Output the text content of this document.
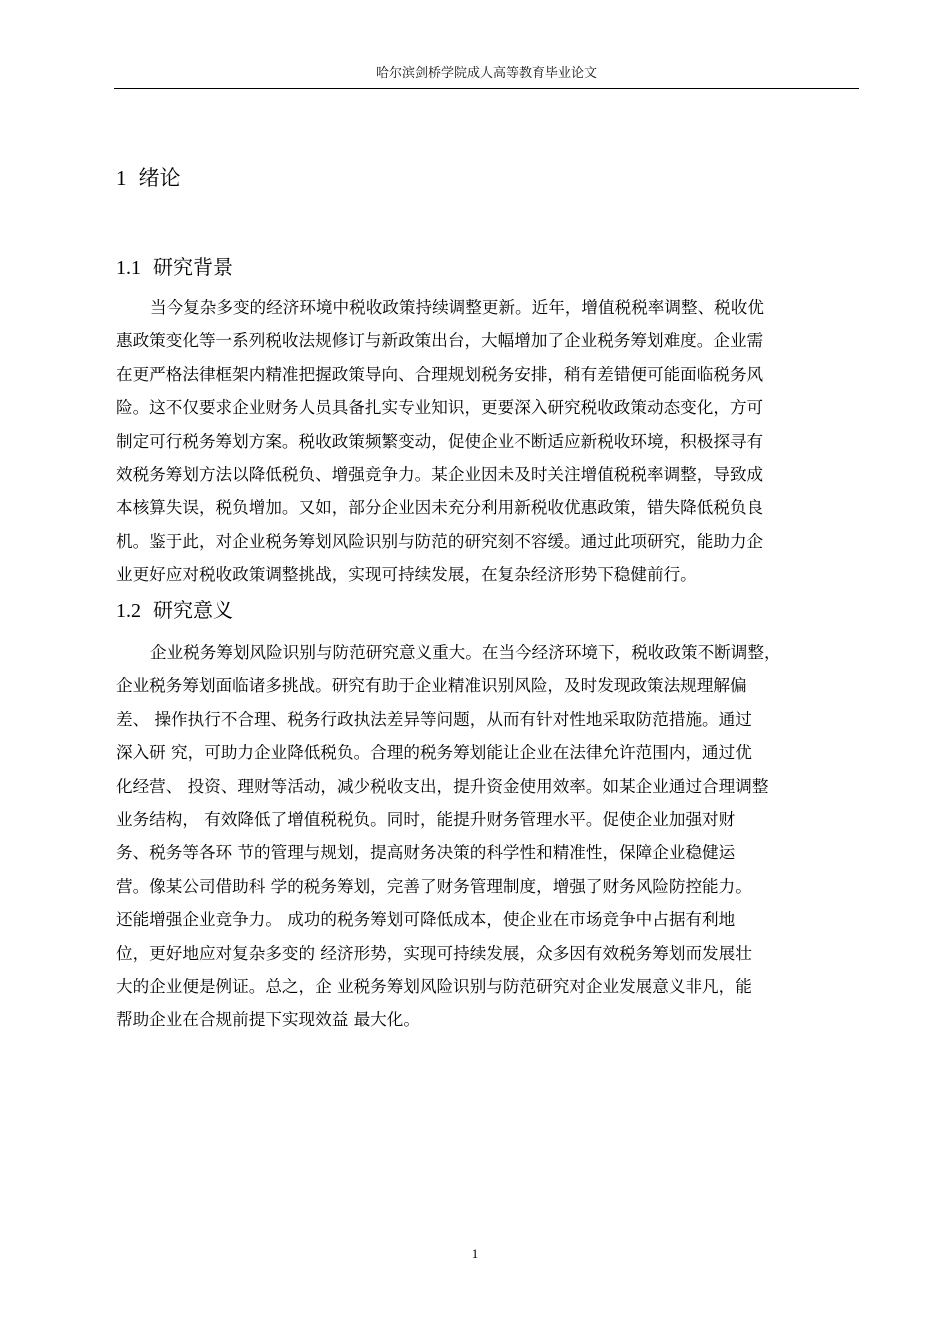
哈尔滨剑桥学院成人高等教育毕业论文
1 绪论
1.1 研究背景
当今复杂多变的经济环境中税收政策持续调整更新。近年，增值税税率调整、税收优
惠政策变化等一系列税收法规修订与新政策出台，大幅增加了企业税务筹划难度。企业需
在更严格法律框架内精准把握政策导向、合理规划税务安排，稍有差错便可能面临税务风
险。这不仅要求企业财务人员具备扎实专业知识，更要深入研究税收政策动态变化，方可
制定可行税务筹划方案。税收政策频繁变动，促使企业不断适应新税收环境，积极探寻有
效税务筹划方法以降低税负、增强竞争力。某企业因未及时关注增值税税率调整，导致成
本核算失误，税负增加。又如，部分企业因未充分利用新税收优惠政策，错失降低税负良
机。鉴于此，对企业税务筹划风险识别与防范的研究刻不容缓。通过此项研究，能助力企
业更好应对税收政策调整挑战，实现可持续发展，在复杂经济形势下稳健前行。
1.2 研究意义
企业税务筹划风险识别与防范研究意义重大。在当今经济环境下，税收政策不断调整，
企业税务筹划面临诸多挑战。研究有助于企业精准识别风险，及时发现政策法规理解偏
差、 操作执行不合理、税务行政执法差异等问题，从而有针对性地采取防范措施。通过
深入研 究，可助力企业降低税负。合理的税务筹划能让企业在法律允许范围内，通过优
化经营、 投资、理财等活动，减少税收支出，提升资金使用效率。如某企业通过合理调整
业务结构， 有效降低了增值税税负。同时，能提升财务管理水平。促使企业加强对财
务、税务等各环 节的管理与规划，提高财务决策的科学性和精准性，保障企业稳健运
营。像某公司借助科 学的税务筹划，完善了财务管理制度，增强了财务风险防控能力。
还能增强企业竞争力。 成功的税务筹划可降低成本，使企业在市场竞争中占据有利地
位，更好地应对复杂多变的 经济形势，实现可持续发展，众多因有效税务筹划而发展壮
大的企业便是例证。总之，企 业税务筹划风险识别与防范研究对企业发展意义非凡，能
帮助企业在合规前提下实现效益 最大化。
1
